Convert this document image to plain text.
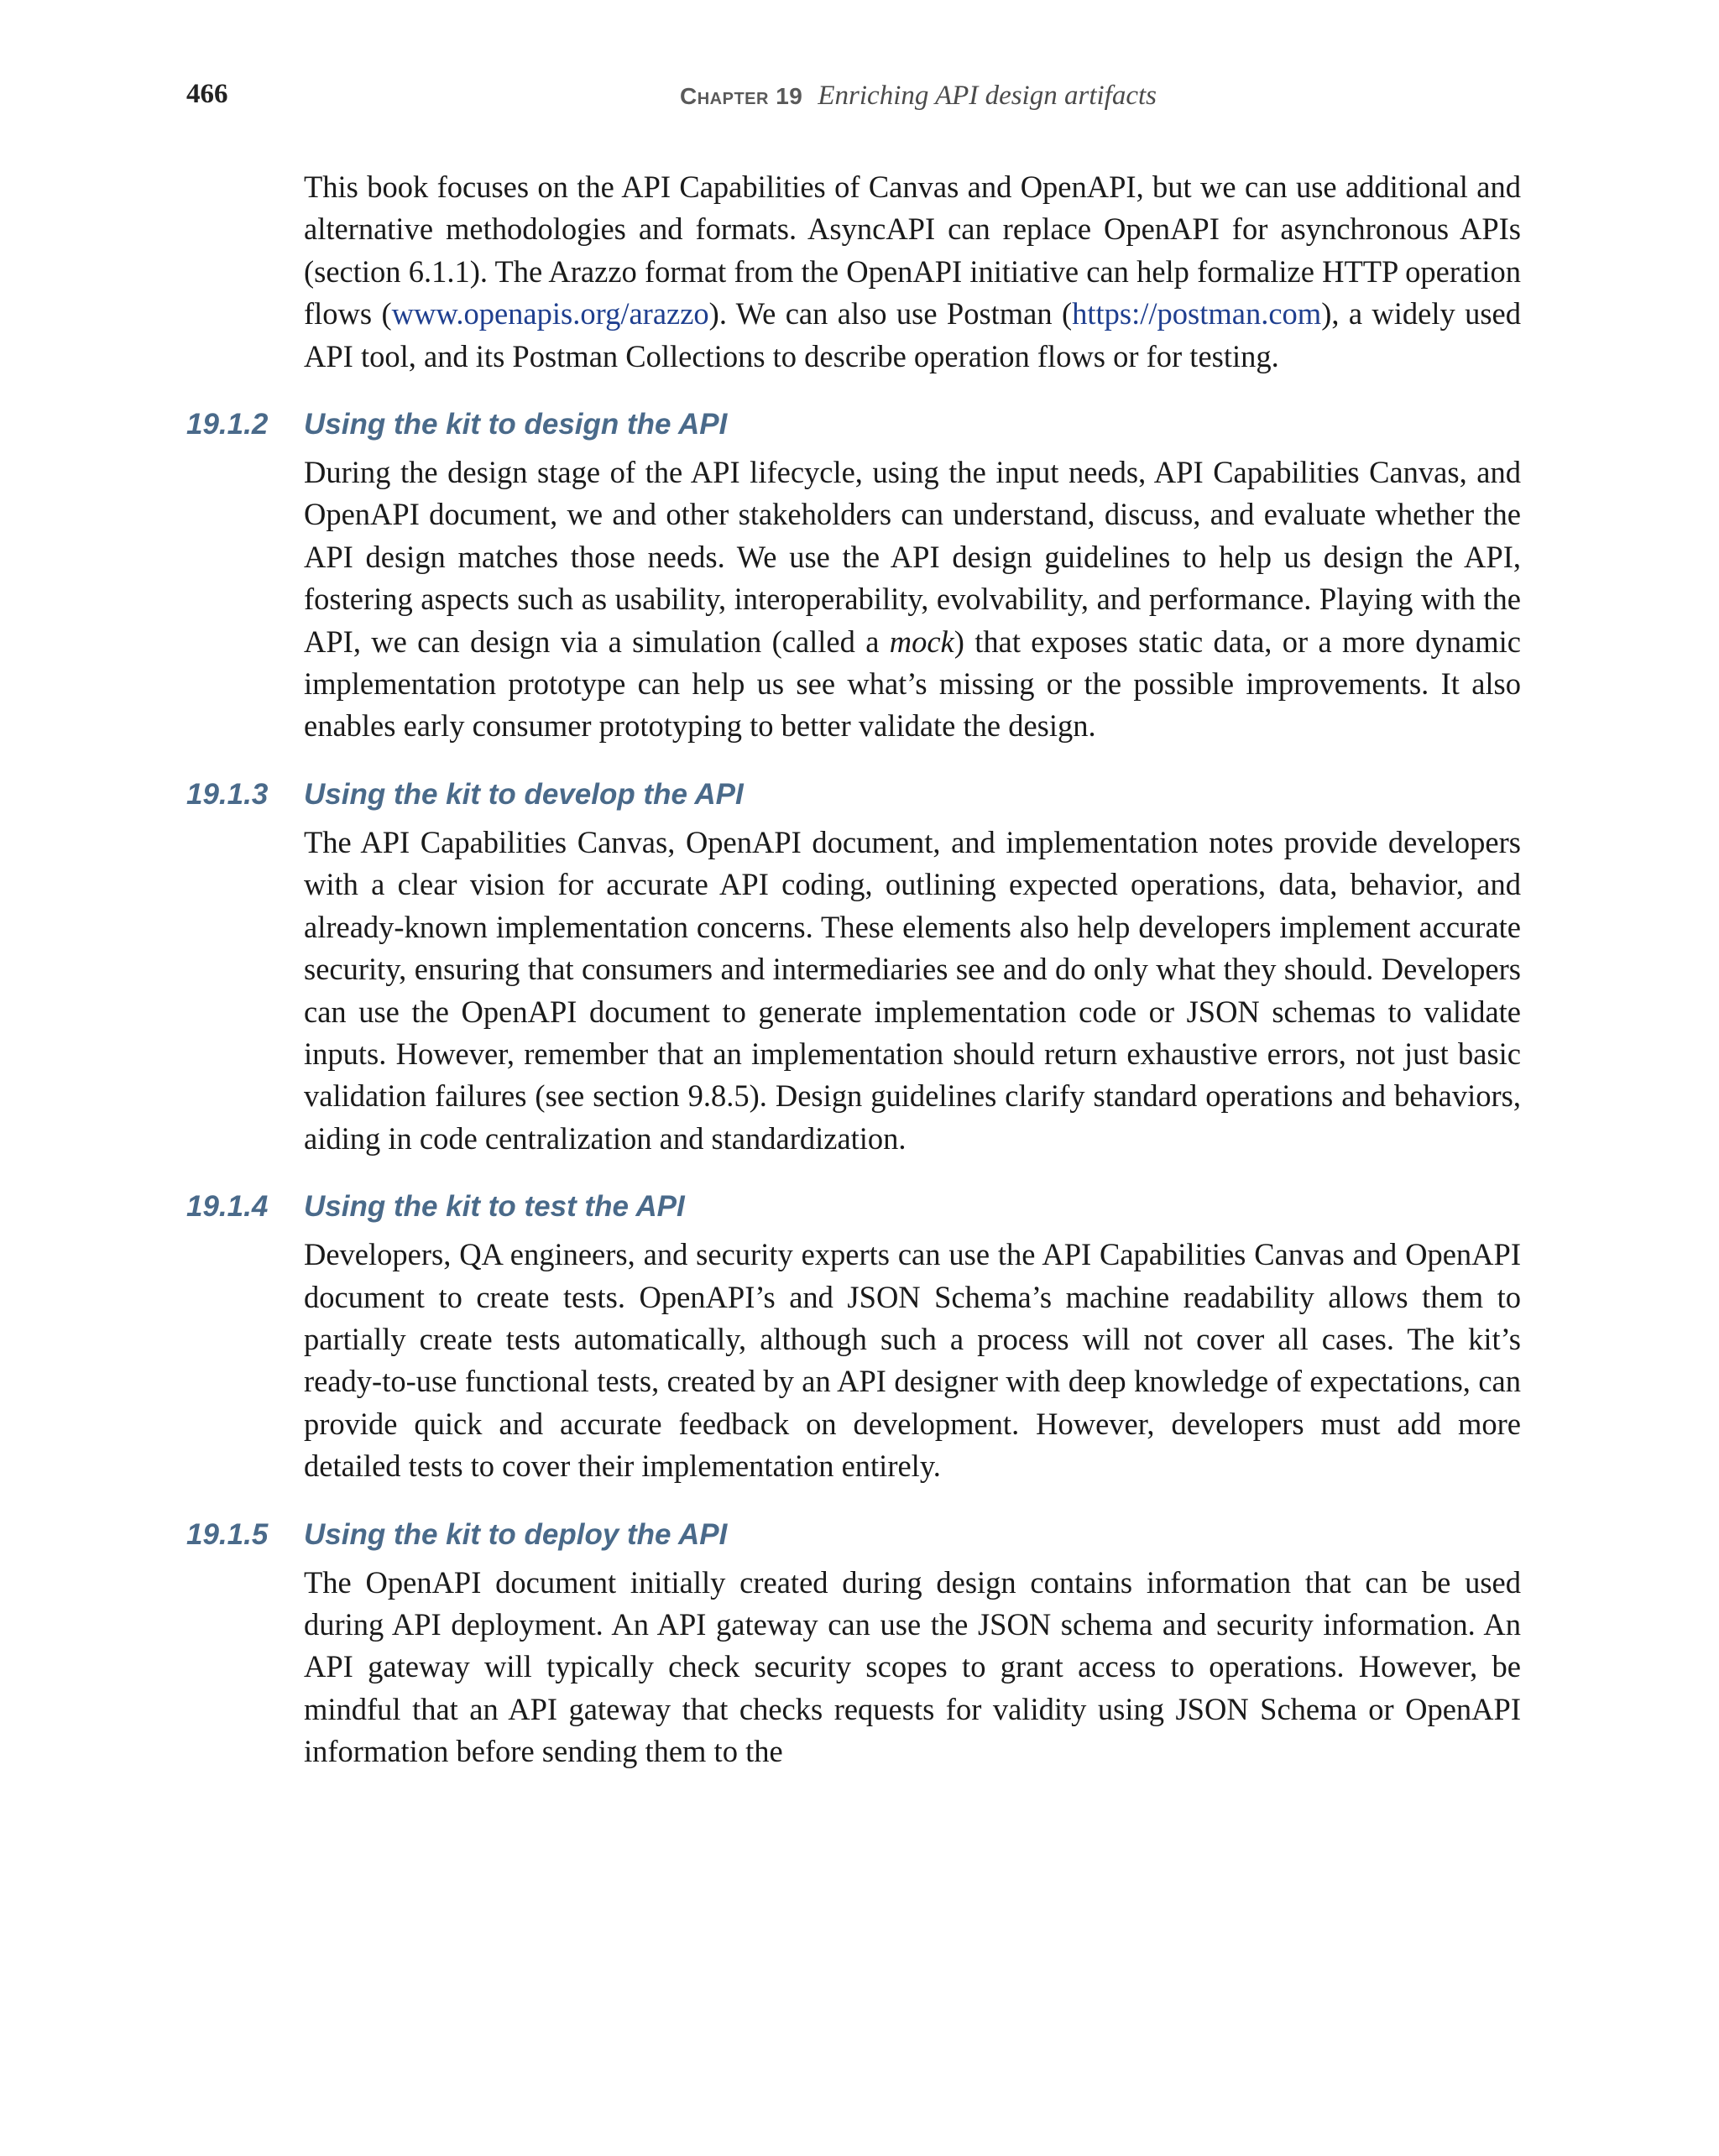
466	Chapter 19 Enriching API design artifacts

This book focuses on the API Capabilities of Canvas and OpenAPI, but we can use additional and alternative methodologies and formats. AsyncAPI can replace OpenAPI for asynchronous APIs (section 6.1.1). The Arazzo format from the OpenAPI initiative can help formalize HTTP operation flows (www.openapis.org/arazzo). We can also use Postman (https://postman.com), a widely used API tool, and its Postman Collections to describe operation flows or for testing.

19.1.2 Using the kit to design the API

During the design stage of the API lifecycle, using the input needs, API Capabilities Canvas, and OpenAPI document, we and other stakeholders can understand, discuss, and evaluate whether the API design matches those needs. We use the API design guidelines to help us design the API, fostering aspects such as usability, interoperability, evolvability, and performance. Playing with the API, we can design via a simulation (called a mock) that exposes static data, or a more dynamic implementation prototype can help us see what’s missing or the possible improvements. It also enables early consumer prototyping to better validate the design.

19.1.3 Using the kit to develop the API

The API Capabilities Canvas, OpenAPI document, and implementation notes provide developers with a clear vision for accurate API coding, outlining expected operations, data, behavior, and already-known implementation concerns. These elements also help developers implement accurate security, ensuring that consumers and intermediaries see and do only what they should. Developers can use the OpenAPI document to generate implementation code or JSON schemas to validate inputs. However, remember that an implementation should return exhaustive errors, not just basic validation failures (see section 9.8.5). Design guidelines clarify standard operations and behaviors, aiding in code centralization and standardization.

19.1.4 Using the kit to test the API

Developers, QA engineers, and security experts can use the API Capabilities Canvas and OpenAPI document to create tests. OpenAPI’s and JSON Schema’s machine readability allows them to partially create tests automatically, although such a process will not cover all cases. The kit’s ready-to-use functional tests, created by an API designer with deep knowledge of expectations, can provide quick and accurate feedback on development. However, developers must add more detailed tests to cover their implementation entirely.

19.1.5 Using the kit to deploy the API

The OpenAPI document initially created during design contains information that can be used during API deployment. An API gateway can use the JSON schema and security information. An API gateway will typically check security scopes to grant access to operations. However, be mindful that an API gateway that checks requests for validity using JSON Schema or OpenAPI information before sending them to the
